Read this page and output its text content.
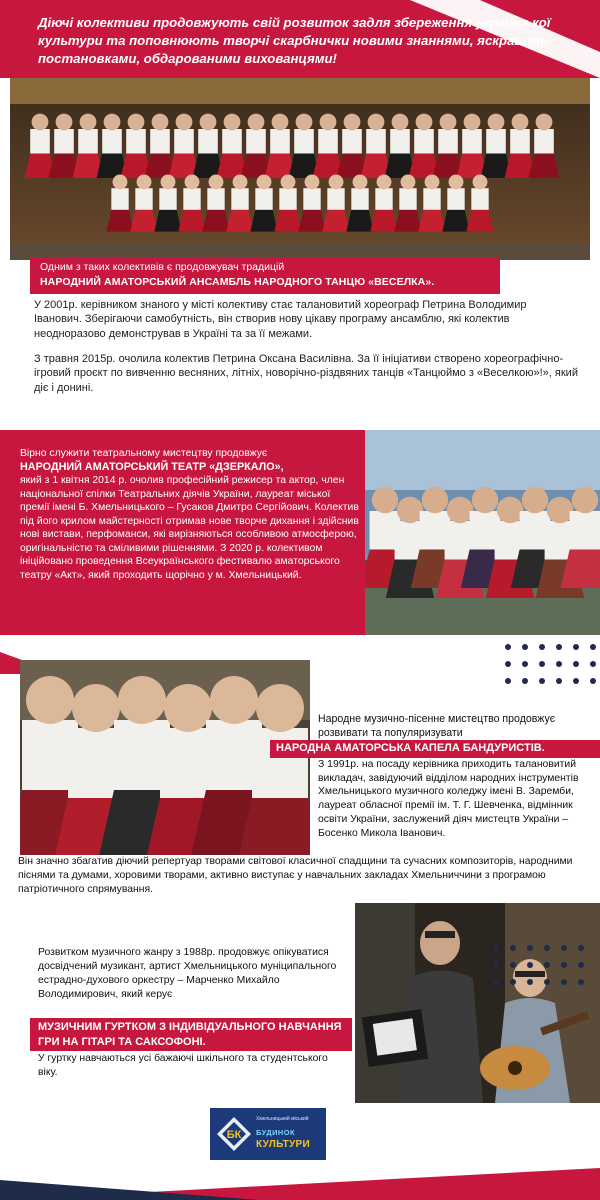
Діючі колективи продовжують свій розвиток задля збереження української культури та поповнюють творчі скарбнички новими знаннями, яскравими постановками, обдарованими вихованцями!
Одним з таких колективів є продовжувач традицій
НАРОДНИЙ АМАТОРСЬКИЙ АНСАМБЛЬ НАРОДНОГО ТАНЦЮ «ВЕСЕЛКА».
У 2001р. керівником знаного у місті колективу стає талановитий хореограф Петрина Володимир Іванович. Зберігаючи самобутність, він створив нову цікаву програму ансамблю, які колектив неодноразово демонстрував в Україні та за її межами.
З травня 2015р. очолила колектив Петрина Оксана Василівна. За її ініціативи створено хореографічно-ігровий проєкт по вивченню весняних, літніх, новорічно-різдвяних танців «Танцюймо з «Веселкою»!», який діє і донині.
Вірно служити театральному мистецтву продовжує
НАРОДНИЙ АМАТОРСЬКИЙ ТЕАТР «ДЗЕРКАЛО»,
який з 1 квітня 2014 р. очолив професійний режисер та актор, член національної спілки Театральних діячів України, лауреат міської премії імені Б. Хмельницького – Гусаков Дмитро Сергійович. Колектив під його крилом майстерності отримав нове творче дихання і здійснив нові вистави, перфоманси, які вирізняються особливою атмосферою, оригінальністю та сміливими рішеннями. З 2020 р. колективом ініційовано проведення Всеукраїнського фестивалю аматорського театру «Акт», який проходить щорічно у м. Хмельницький.
Народне музично-пісенне мистецтво продовжує розвивати та популяризувати
НАРОДНА АМАТОРСЬКА КАПЕЛА БАНДУРИСТІВ.
З 1991р. на посаду керівника приходить талановитий викладач, завідуючий відділом народних інструментів Хмельницького музичного коледжу імені В. Заремби, лауреат обласної премії ім. Т. Г. Шевченка, відмінник освіти України, заслужений діяч мистецтв України – Босенко Микола Іванович.
Він значно збагатив діючий репертуар творами світової класичної спадщини та сучасних композиторів, народними піснями та думами, хоровими творами, активно виступає у навчальних закладах Хмельниччини з програмою патріотичного спрямування.
Розвитком музичного жанру з 1988р. продовжує опікуватися досвідчений музикант, артист Хмельницького муніципального естрадно-духового оркестру – Марченко Михайло Володимирович, який керує
МУЗИЧНИМ ГУРТКОМ З ІНДИВІДУАЛЬНОГО НАВЧАННЯ ГРИ НА ГІТАРІ ТА САКСОФОНІ.
У гуртку навчаються усі бажаючі шкільного та студентського віку.
БК
Хмельницький міський
БУДИНОК
КУЛЬТУРИ
